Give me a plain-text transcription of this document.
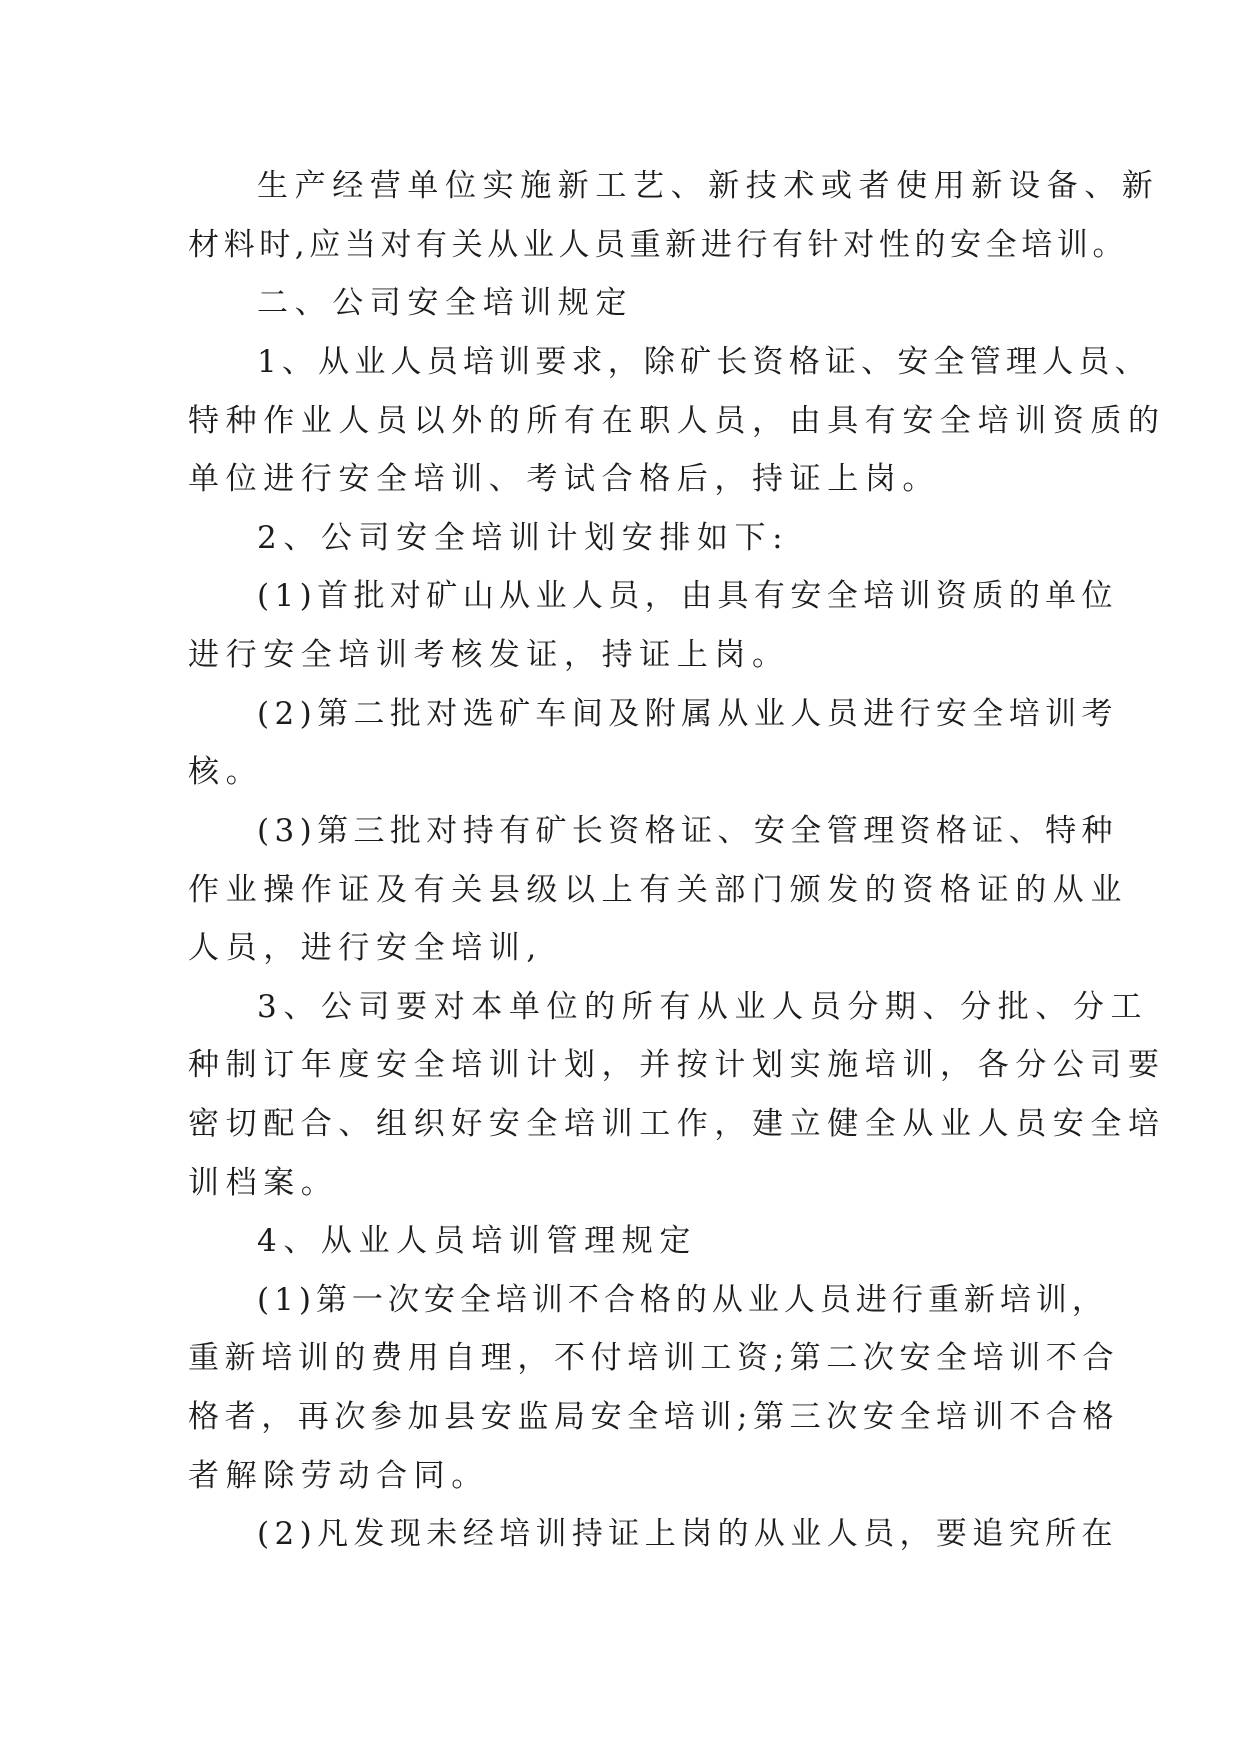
生产经营单位实施新工艺、新技术或者使用新设备、新
材料时,应当对有关从业人员重新进行有针对性的安全培训。
二、公司安全培训规定
1、从业人员培训要求，除矿长资格证、安全管理人员、
特种作业人员以外的所有在职人员，由具有安全培训资质的
单位进行安全培训、考试合格后，持证上岗。
2、公司安全培训计划安排如下:
(1)首批对矿山从业人员，由具有安全培训资质的单位
进行安全培训考核发证，持证上岗。
(2)第二批对选矿车间及附属从业人员进行安全培训考
核。
(3)第三批对持有矿长资格证、安全管理资格证、特种
作业操作证及有关县级以上有关部门颁发的资格证的从业
人员，进行安全培训,
3、公司要对本单位的所有从业人员分期、分批、分工
种制订年度安全培训计划，并按计划实施培训，各分公司要
密切配合、组织好安全培训工作，建立健全从业人员安全培
训档案。
4、从业人员培训管理规定
(1)第一次安全培训不合格的从业人员进行重新培训，
重新培训的费用自理，不付培训工资;第二次安全培训不合
格者，再次参加县安监局安全培训;第三次安全培训不合格
者解除劳动合同。
(2)凡发现未经培训持证上岗的从业人员，要追究所在
